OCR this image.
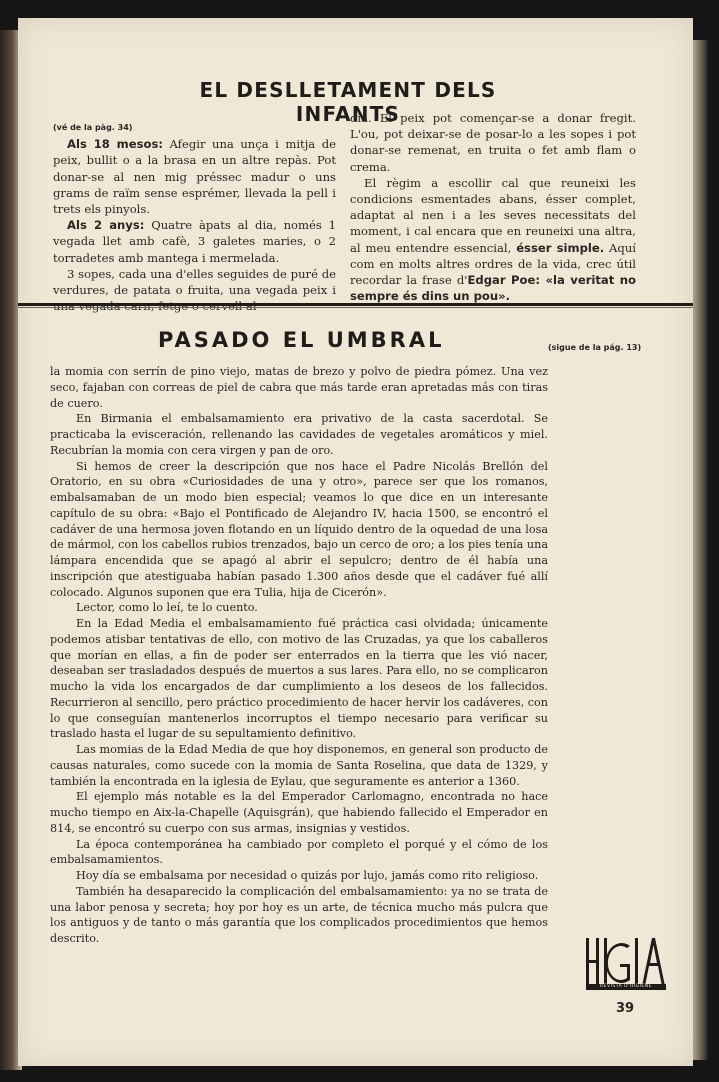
EL DESLLETAMENT DELS INFANTS

(vé de la pàg. 34)

Als 18 mesos: Afegir una unça i mitja de peix, bullit o a la brasa en un altre repàs. Pot donar-se al nen mig préssec madur o uns grams de raïm sense esprémer, llevada la pell i trets els pinyols.

Als 2 anys: Quatre àpats al dia, només 1 vegada llet amb cafè, 3 galetes maries, o 2 torradetes amb mantega i mermelada.

3 sopes, cada una d'elles seguides de puré de verdures, de patata o fruita, una vegada peix i

dia. El peix pot començar-se a donar fregit. L'ou, pot deixar-se de posar-lo a les sopes i pot donar-se remenat, en truita o fet amb flam o crema.

El règim a escollir cal que reuneixi les condicions esmentades abans, ésser complet, adaptat al nen i a les seves necessitats del moment, i cal encara que en reuneixi una altra, al meu entendre essencial, ésser simple. Aquí com en molts altres ordres de la vida, crec útil recordar la frase d'Edgar Poe: «la veritat no sempre és dins un pou».

PASADO EL UMBRAL	(sigue de la pág. 13)

la momia con serrín de pino viejo, matas de brezo y polvo de piedra pómez. Una vez seco, fajaban con correas de piel de cabra que más tarde eran apretadas más con tiras de cuero.

En Birmania el embalsamamiento era privativo de la casta sacerdotal. Se practicaba la evisceración, rellenando las cavidades de vegetales aromáticos y miel. Recubrían la momia con cera virgen y pan de oro.

Si hemos de creer la descripción que nos hace el Padre Nicolás Brellón del Oratorio, en su obra «Curiosidades de una y otro», parece ser que los romanos, embalsamaban de un modo bien especial; veamos lo que dice en un interesante capítulo de su obra: «Bajo el Pontificado de Alejandro IV, hacia 1500, se encontró el cadáver de una hermosa joven flotando en un líquido dentro de la oquedad de una losa de mármol, con los cabellos rubios trenzados, bajo un cerco de oro; a los pies tenía una lámpara encendida que se apagó al abrir el sepulcro; dentro de él había una inscripción que atestiguaba habían pasado 1.300 años desde que el cadáver fué allí colocado. Algunos suponen que era Tulia, hija de Cicerón».

Lector, como lo leí, te lo cuento.

En la Edad Media el embalsamamiento fué práctica casi olvidada; únicamente podemos atisbar tentativas de ello, con motivo de las Cruzadas, ya que los caballeros que morían en ellas, a fin de poder ser enterrados en la tierra que les vió nacer, deseaban ser trasladados después de muertos a sus lares. Para ello, no se complicaron mucho la vida los encargados de dar cumplimiento a los deseos de los fallecidos. Recurrieron al sencillo, pero práctico procedimiento de hacer hervir los cadáveres, con lo que conseguían mantenerlos incorruptos el tiempo necesario para verificar su traslado hasta el lugar de su sepultamiento definitivo.

Las momias de la Edad Media de que hoy disponemos, en general son producto de causas naturales, como sucede con la momia de Santa Roselina, que data de 1329, y también la encontrada en la iglesia de Eylau, que seguramente es anterior a 1360.

El ejemplo más notable es la del Emperador Carlomagno, encontrada no hace mucho tiempo en Aix-la-Chapelle (Aquisgrán), que habiendo fallecido el Emperador en 814, se encontró su cuerpo con sus armas, insignias y vestidos.

La época contemporánea ha cambiado por completo el porqué y el cómo de los embalsamamientos.

Hoy día se embalsama por necesidad o quizás por lujo, jamás como rito religioso.

También ha desaparecido la complicación del embalsamamiento: ya no se trata de una labor penosa y secreta; hoy por hoy es un arte, de técnica mucho más pulcra que los antiguos y de tanto o más garantía que los complicados procedimientos que hemos descrito.

REVISTA D'HIGIENE
39
